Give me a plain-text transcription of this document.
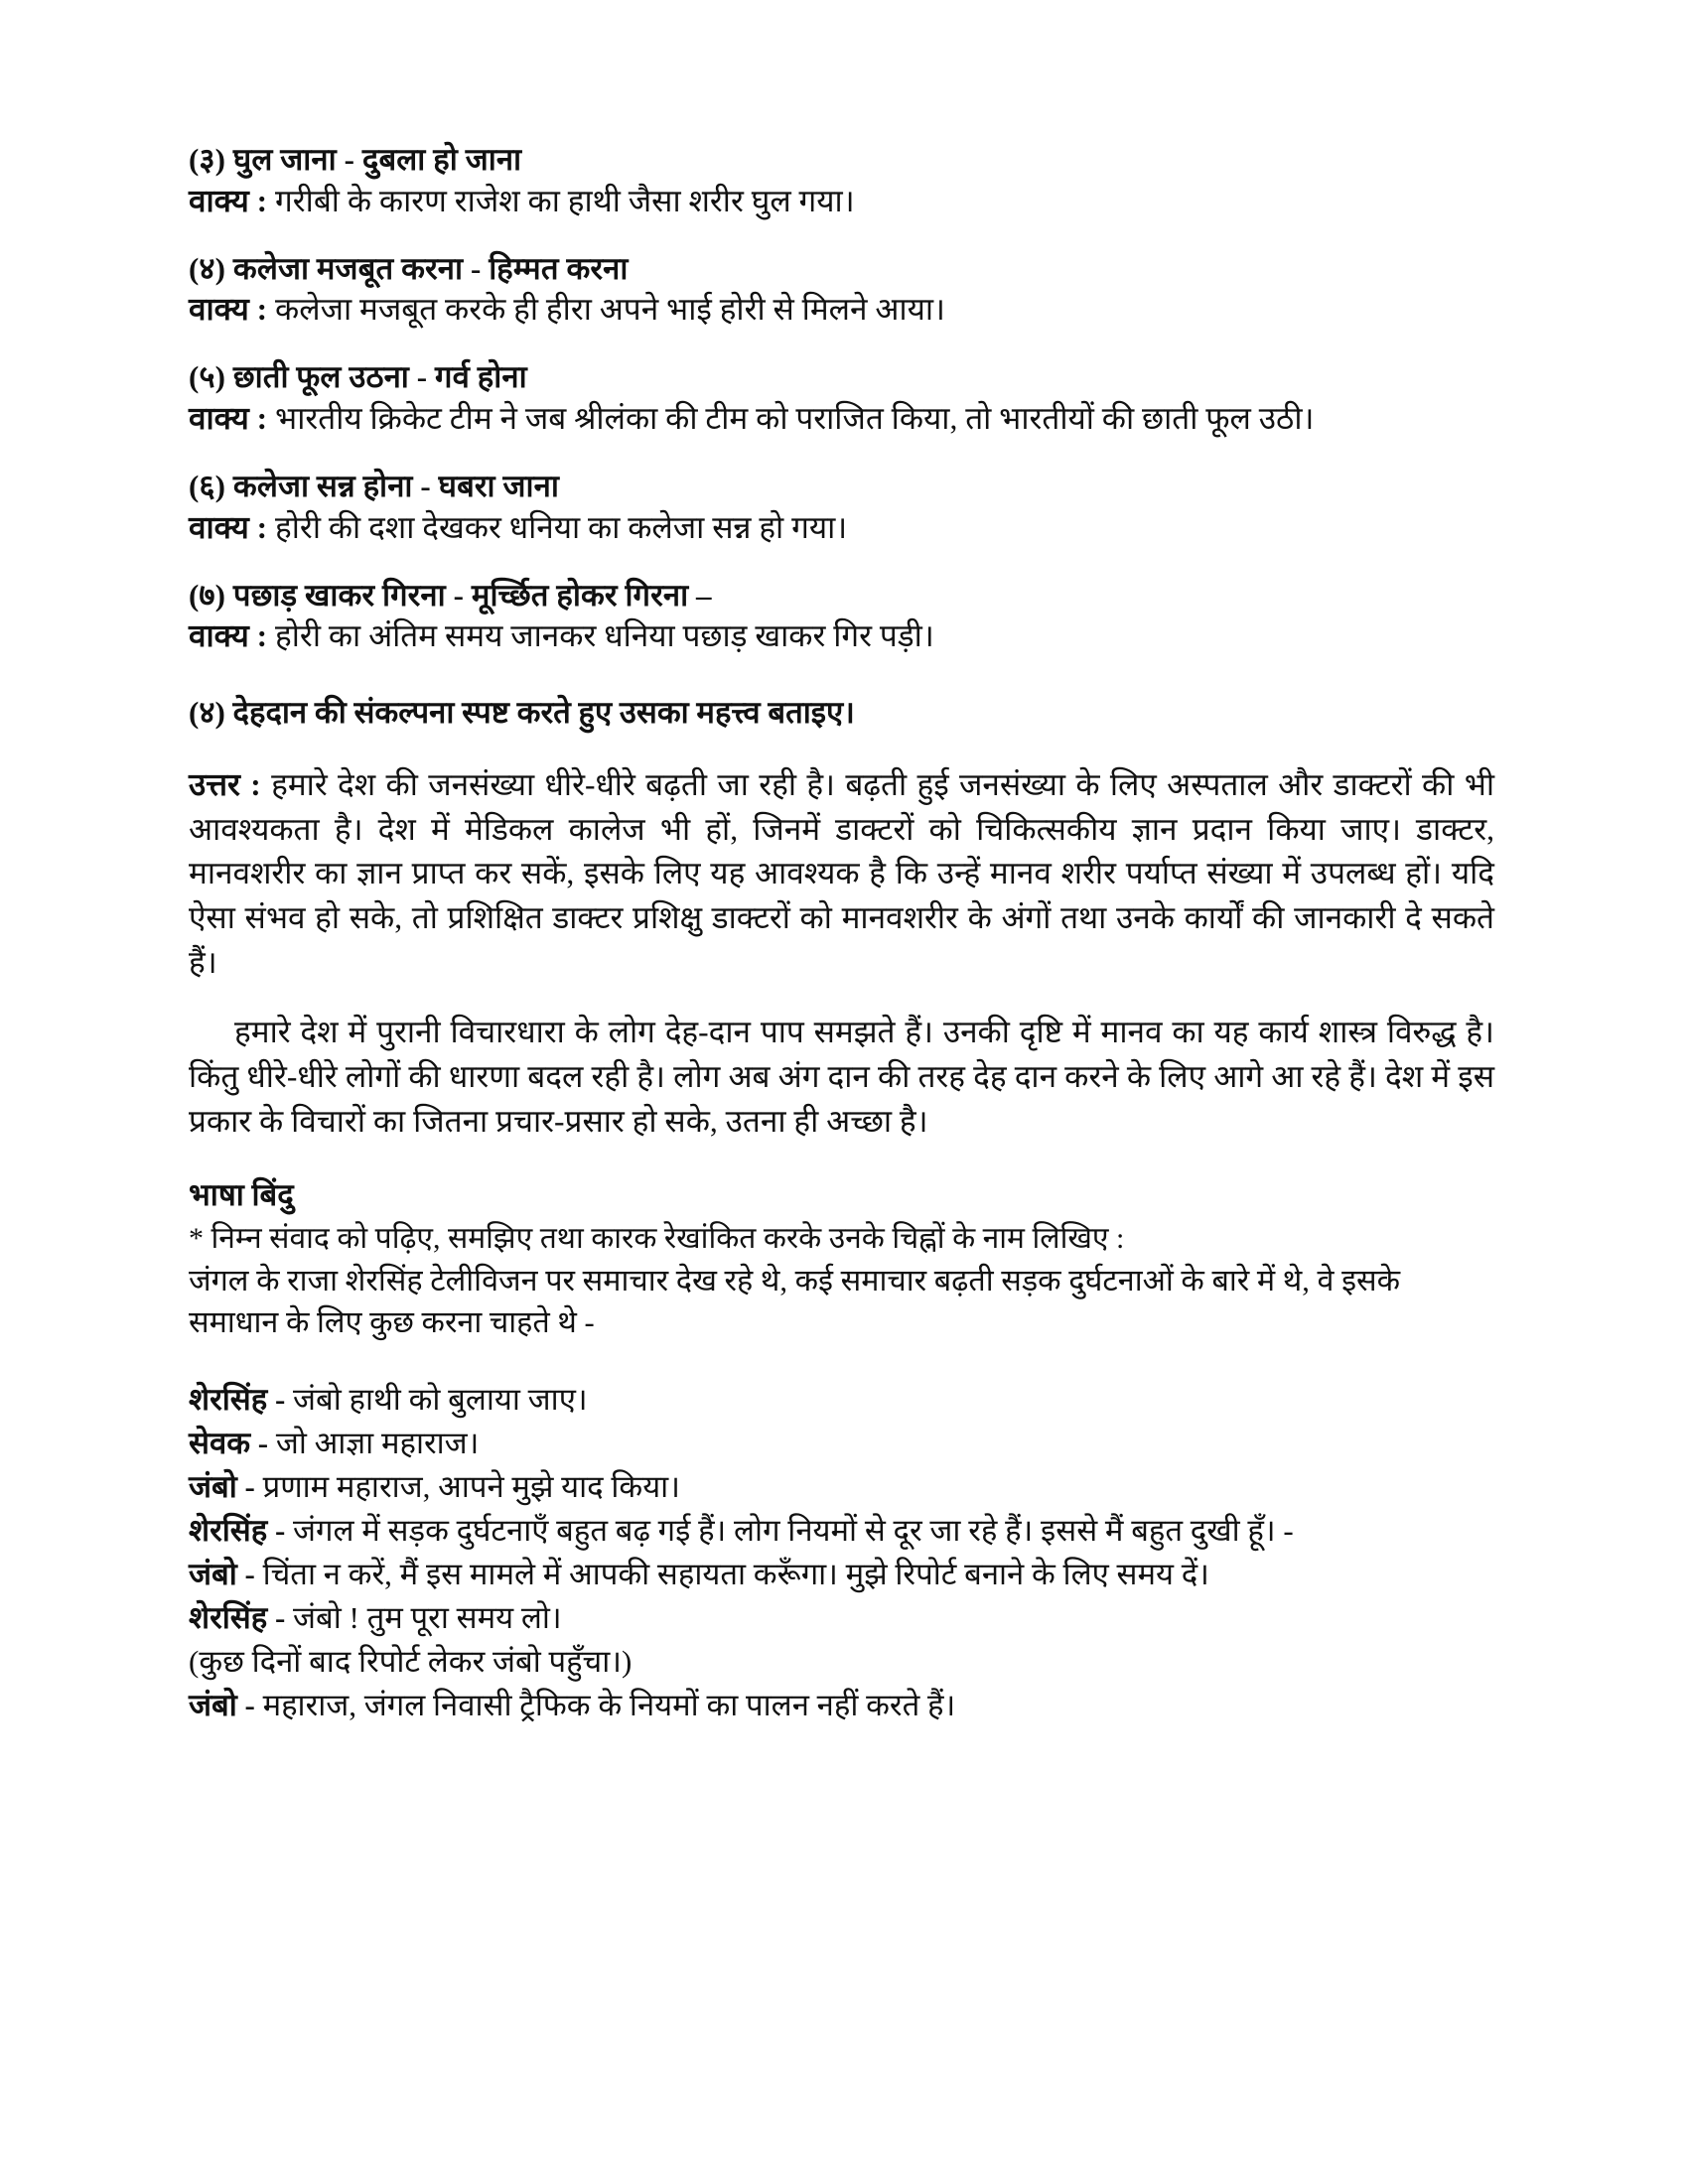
(३) घुल जाना - दुबला हो जाना
वाक्य : गरीबी के कारण राजेश का हाथी जैसा शरीर घुल गया।
(४) कलेजा मजबूत करना - हिम्मत करना
वाक्य : कलेजा मजबूत करके ही हीरा अपने भाई होरी से मिलने आया।
(५) छाती फूल उठना - गर्व होना
वाक्य : भारतीय क्रिकेट टीम ने जब श्रीलंका की टीम को पराजित किया, तो भारतीयों की छाती फूल उठी।
(६) कलेजा सन्न होना - घबरा जाना
वाक्य : होरी की दशा देखकर धनिया का कलेजा सन्न हो गया।
(७) पछाड़ खाकर गिरना - मूर्च्छित होकर गिरना –
वाक्य : होरी का अंतिम समय जानकर धनिया पछाड़ खाकर गिर पड़ी।
(४) देहदान की संकल्पना स्पष्ट करते हुए उसका महत्त्व बताइए।

उत्तर : हमारे देश की जनसंख्या धीरे-धीरे बढ़ती जा रही है। बढ़ती हुई जनसंख्या के लिए अस्पताल और डाक्टरों की भी आवश्यकता है। देश में मेडिकल कालेज भी हों, जिनमें डाक्टरों को चिकित्सकीय ज्ञान प्रदान किया जाए। डाक्टर, मानवशरीर का ज्ञान प्राप्त कर सकें, इसके लिए यह आवश्यक है कि उन्हें मानव शरीर पर्याप्त संख्या में उपलब्ध हों। यदि ऐसा संभव हो सके, तो प्रशिक्षित डाक्टर प्रशिक्षु डाक्टरों को मानवशरीर के अंगों तथा उनके कार्यों की जानकारी दे सकते हैं।

हमारे देश में पुरानी विचारधारा के लोग देह-दान पाप समझते हैं। उनकी दृष्टि में मानव का यह कार्य शास्त्र विरुद्ध है। किंतु धीरे-धीरे लोगों की धारणा बदल रही है। लोग अब अंग दान की तरह देह दान करने के लिए आगे आ रहे हैं। देश में इस प्रकार के विचारों का जितना प्रचार-प्रसार हो सके, उतना ही अच्छा है।

भाषा बिंदु
* निम्न संवाद को पढ़िए, समझिए तथा कारक रेखांकित करके उनके चिह्नों के नाम लिखिए :

जंगल के राजा शेरसिंह टेलीविजन पर समाचार देख रहे थे, कई समाचार बढ़ती सड़क दुर्घटनाओं के बारे में थे, वे इसके समाधान के लिए कुछ करना चाहते थे -

शेरसिंह - जंबो हाथी को बुलाया जाए।
सेवक - जो आज्ञा महाराज।
जंबो - प्रणाम महाराज, आपने मुझे याद किया।
शेरसिंह - जंगल में सड़क दुर्घटनाएँ बहुत बढ़ गई हैं। लोग नियमों से दूर जा रहे हैं। इससे मैं बहुत दुखी हूँ। -
जंबो - चिंता न करें, मैं इस मामले में आपकी सहायता करूँगा। मुझे रिपोर्ट बनाने के लिए समय दें।
शेरसिंह - जंबो ! तुम पूरा समय लो।
(कुछ दिनों बाद रिपोर्ट लेकर जंबो पहुँचा।)
जंबो - महाराज, जंगल निवासी ट्रैफिक के नियमों का पालन नहीं करते हैं।
